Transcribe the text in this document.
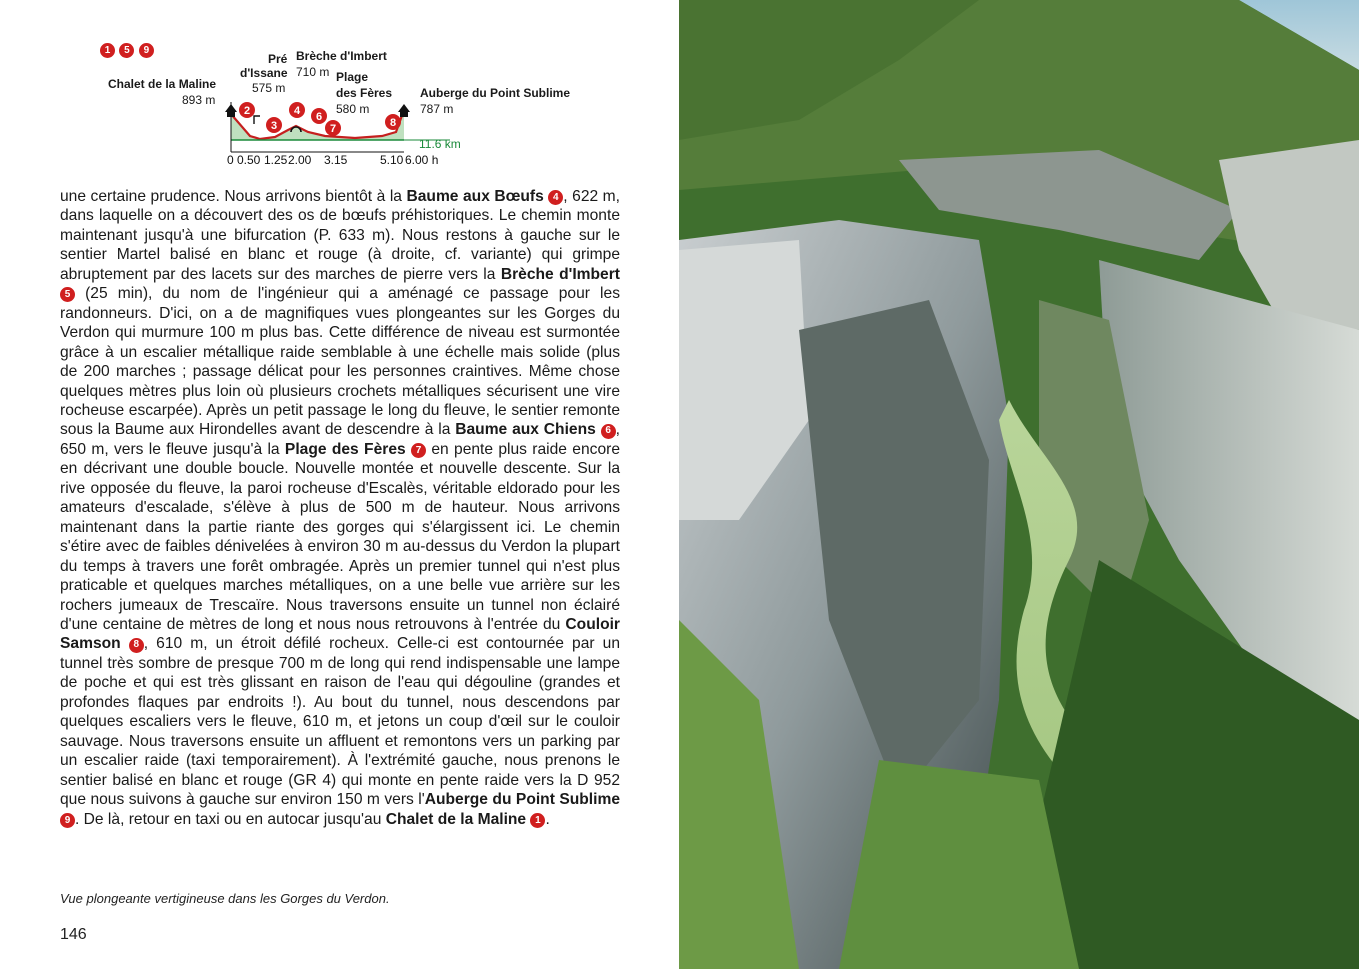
Chalet de la Maline
1
893 m
Pré
d'Issane
575 m
Brèche d'Imbert
710 m
5
Plage
des Fères
580 m
9
Auberge du Point Sublime
787 m
2
3
4 6
7	8
11.6 km
0 0.50 1.25 2.00 3.15	5.10 6.00 h

une certaine prudence. Nous arrivons bientôt à la Baume aux Bœufs 4 , 622 m, dans laquelle on a découvert des os de bœufs préhistoriques. Le chemin monte maintenant jusqu'à une bifurcation (P. 633 m). Nous restons à gauche sur le sentier Martel balisé en blanc et rouge (à droite, cf. variante) qui grimpe abruptement par des lacets sur des marches de pierre vers la Brèche d'Imbert 5 (25 min), du nom de l'ingénieur qui a aménagé ce passage pour les randonneurs. D'ici, on a de magnifiques vues plongeantes sur les Gorges du Verdon qui murmure 100 m plus bas. Cette différence de niveau est surmontée grâce à un escalier métallique raide semblable à une échelle mais solide (plus de 200 marches ; passage délicat pour les personnes craintives. Même chose quelques mètres plus loin où plusieurs crochets métalliques sécurisent une vire rocheuse escarpée). Après un petit passage le long du fleuve, le sentier remonte sous la Baume aux Hirondelles avant de descendre à la Baume aux Chiens 6 , 650 m, vers le fleuve jusqu'à la Plage des Fères 7 en pente plus raide encore en décrivant une double boucle. Nouvelle montée et nouvelle descente. Sur la rive opposée du fleuve, la paroi rocheuse d'Escalès, véritable eldorado pour les amateurs d'escalade, s'élève à plus de 500 m de hauteur. Nous arrivons maintenant dans la partie riante des gorges qui s'élargissent ici. Le chemin s'étire avec de faibles dénivelées à environ 30 m au-dessus du Verdon la plupart du temps à travers une forêt ombragée. Après un premier tunnel qui n'est plus praticable et quelques marches métalliques, on a une belle vue arrière sur les rochers jumeaux de Trescaïre. Nous traversons ensuite un tunnel non éclairé d'une centaine de mètres de long et nous nous retrouvons à l'entrée du Couloir Samson 8 , 610 m, un étroit défilé rocheux. Celle-ci est contournée par un tunnel très sombre de presque 700 m de long qui rend indispensable une lampe de poche et qui est très glissant en raison de l'eau qui dégouline (grandes et profondes flaques par endroits !). Au bout du tunnel, nous descendons par quelques escaliers vers le fleuve, 610 m, et jetons un coup d'œil sur le couloir sauvage. Nous traversons ensuite un affluent et remontons vers un parking par un escalier raide (taxi temporairement). À l'extrémité gauche, nous prenons le sentier balisé en blanc et rouge (GR 4) qui monte en pente raide vers la D 952 que nous suivons à gauche sur environ 150 m vers l'Auberge du Point Sublime 9 . De là, retour en taxi ou en autocar jusqu'au Chalet de la Maline 1 .

Vue plongeante vertigineuse dans les Gorges du Verdon.
146
